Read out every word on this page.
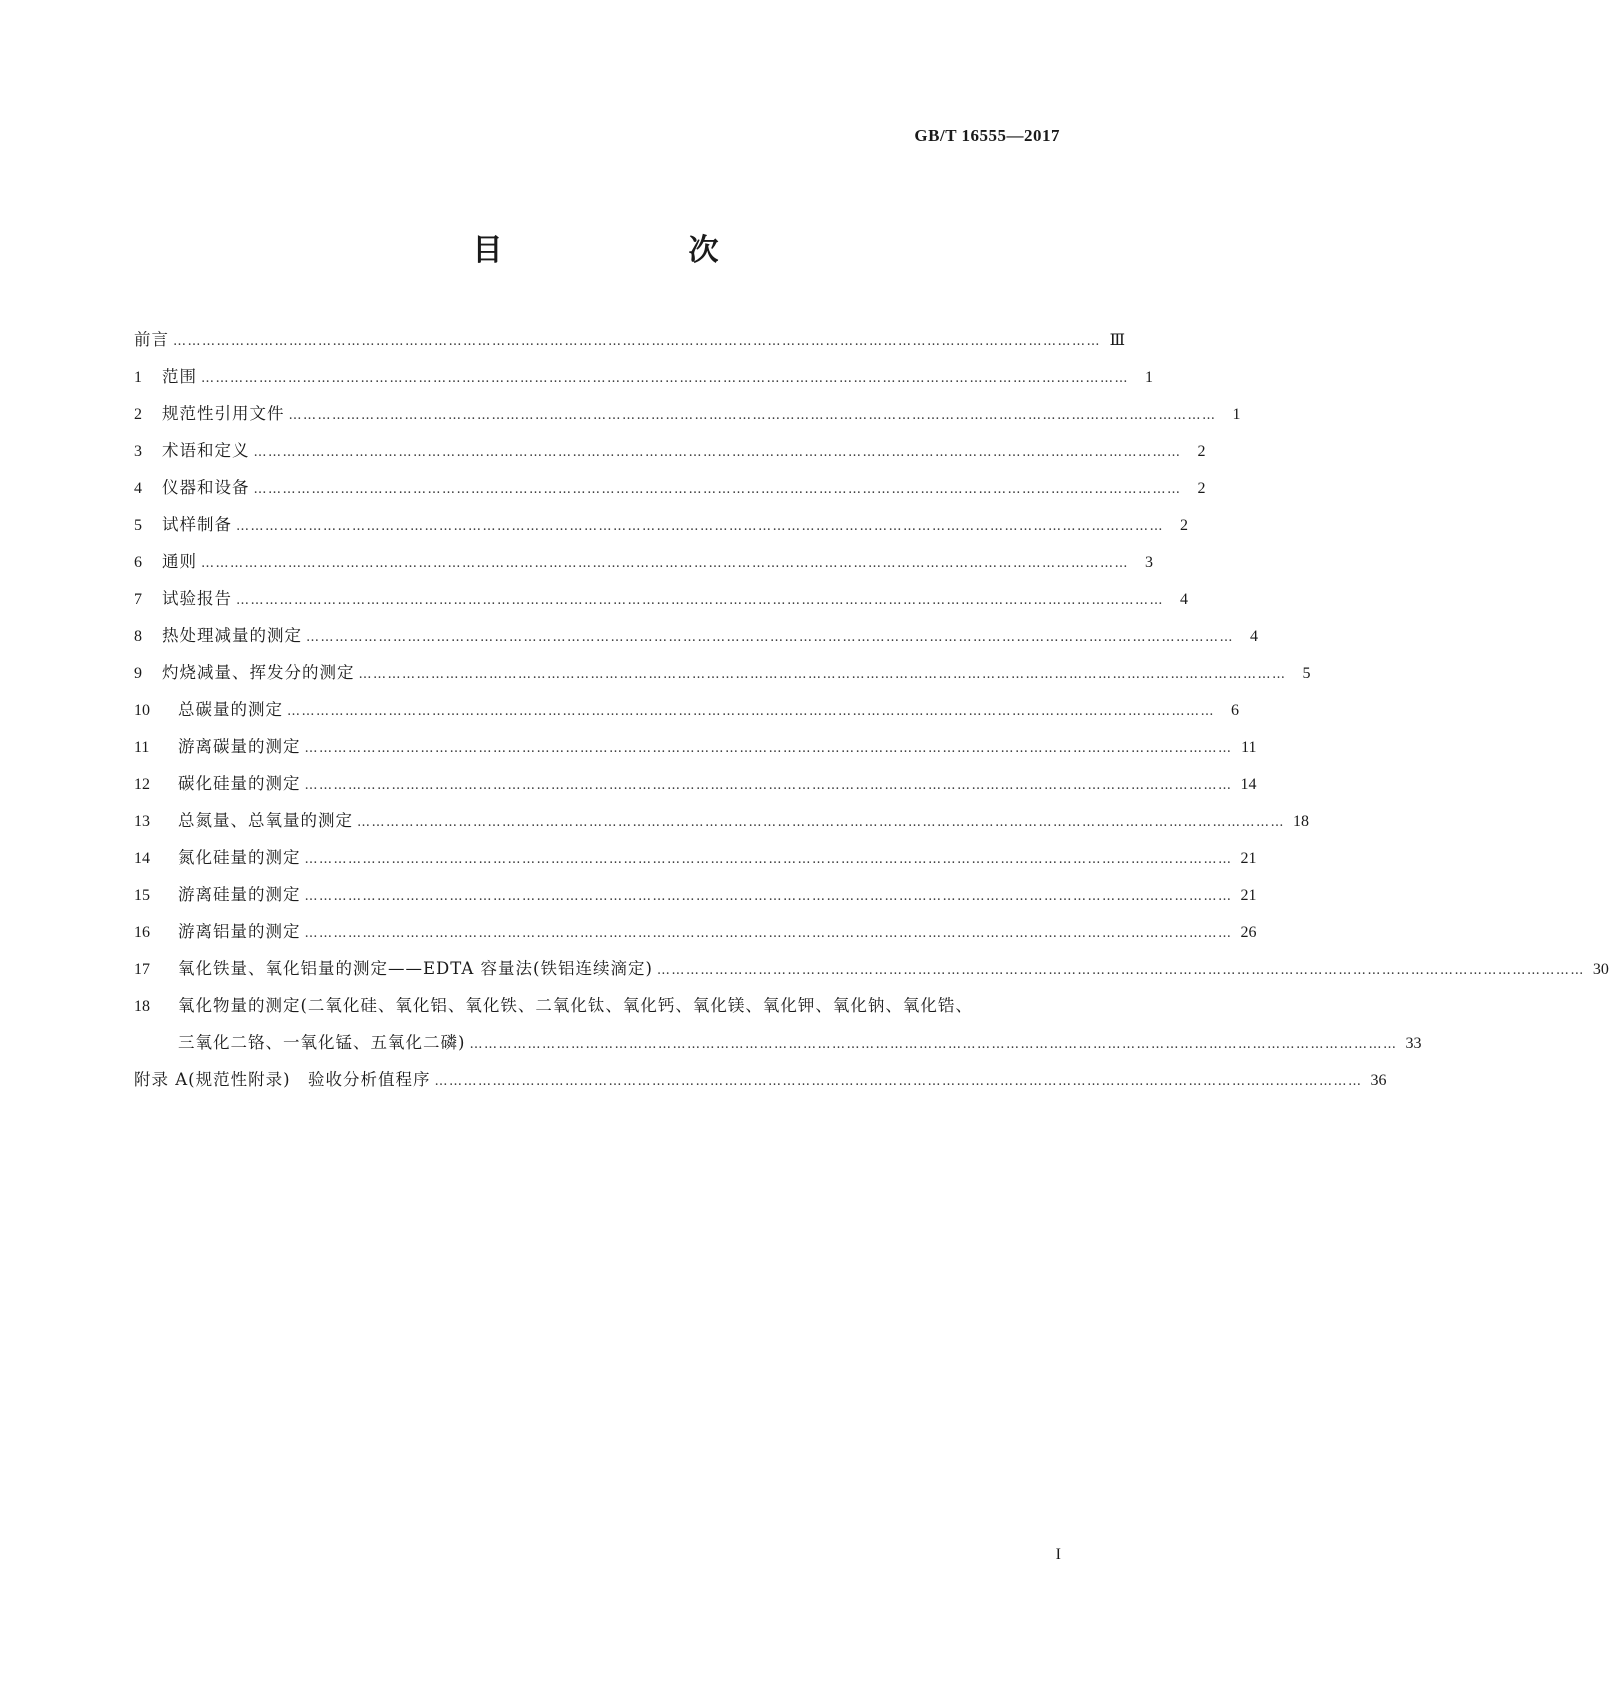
GB/T 16555—2017
目　　次
前言 ………………………………………………………………………………………………………………………………………………………………………… Ⅲ
1	范围 …………………………………………………………………………………………………………………………………………………………………………	1
2	规范性引用文件 …………………………………………………………………………………………………………………………………………………………………………	1
3	术语和定义 …………………………………………………………………………………………………………………………………………………………………………	2
4	仪器和设备 …………………………………………………………………………………………………………………………………………………………………………	2
5	试样制备 …………………………………………………………………………………………………………………………………………………………………………	2
6	通则 …………………………………………………………………………………………………………………………………………………………………………	3
7	试验报告 …………………………………………………………………………………………………………………………………………………………………………	4
8	热处理减量的测定 …………………………………………………………………………………………………………………………………………………………………………	4
9	灼烧减量、挥发分的测定 …………………………………………………………………………………………………………………………………………………………………………	5
10	总碳量的测定 …………………………………………………………………………………………………………………………………………………………………………	6
11	游离碳量的测定 ………………………………………………………………………………………………………………………………………………………………………… 11
12	碳化硅量的测定 ………………………………………………………………………………………………………………………………………………………………………… 14
13	总氮量、总氧量的测定 ………………………………………………………………………………………………………………………………………………………………………… 18
14	氮化硅量的测定 ………………………………………………………………………………………………………………………………………………………………………… 21
15	游离硅量的测定 ………………………………………………………………………………………………………………………………………………………………………… 21
16	游离铝量的测定 ………………………………………………………………………………………………………………………………………………………………………… 26
17	氧化铁量、氧化铝量的测定——EDTA 容量法(铁铝连续滴定) ………………………………………………………………………………………………………………………………………………………………………… 30
18	氧化物量的测定(二氧化硅、氧化铝、氧化铁、二氧化钛、氧化钙、氧化镁、氧化钾、氧化钠、氧化锆、
三氧化二铬、一氧化锰、五氧化二磷) ………………………………………………………………………………………………………………………………………………………………………… 33
附录 A(规范性附录)　验收分析值程序 ………………………………………………………………………………………………………………………………………………………………………… 36
I
